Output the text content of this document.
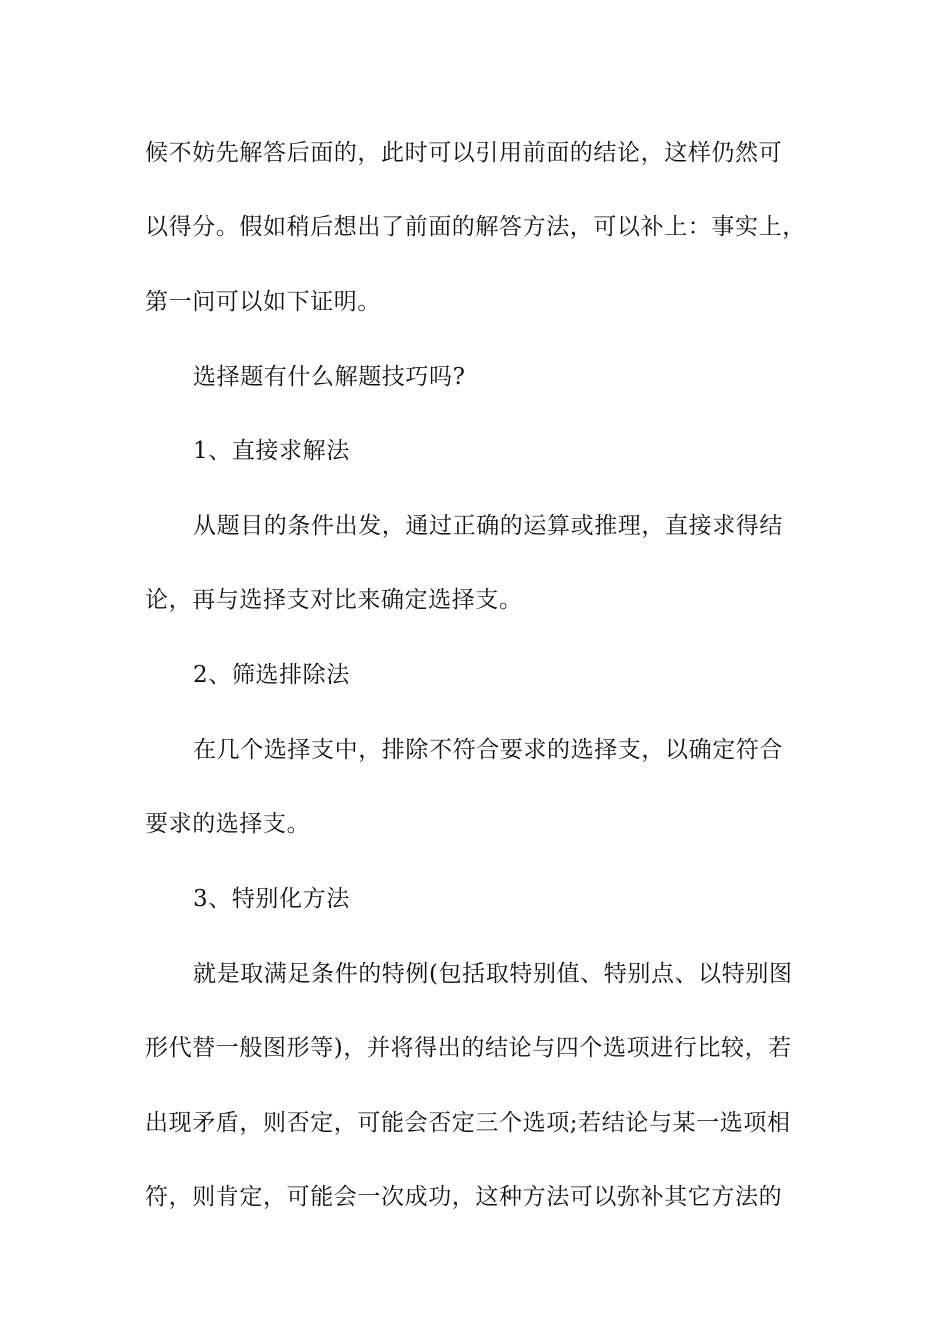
候不妨先解答后面的，此时可以引用前面的结论，这样仍然可
以得分。假如稍后想出了前面的解答方法，可以补上：事实上，
第一问可以如下证明。
选择题有什么解题技巧吗?
1、直接求解法
从题目的条件出发，通过正确的运算或推理，直接求得结
论，再与选择支对比来确定选择支。
2、筛选排除法
在几个选择支中，排除不符合要求的选择支，以确定符合
要求的选择支。
3、特别化方法
就是取满足条件的特例(包括取特别值、特别点、以特别图
形代替一般图形等)，并将得出的结论与四个选项进行比较，若
出现矛盾，则否定，可能会否定三个选项;若结论与某一选项相
符，则肯定，可能会一次成功，这种方法可以弥补其它方法的
